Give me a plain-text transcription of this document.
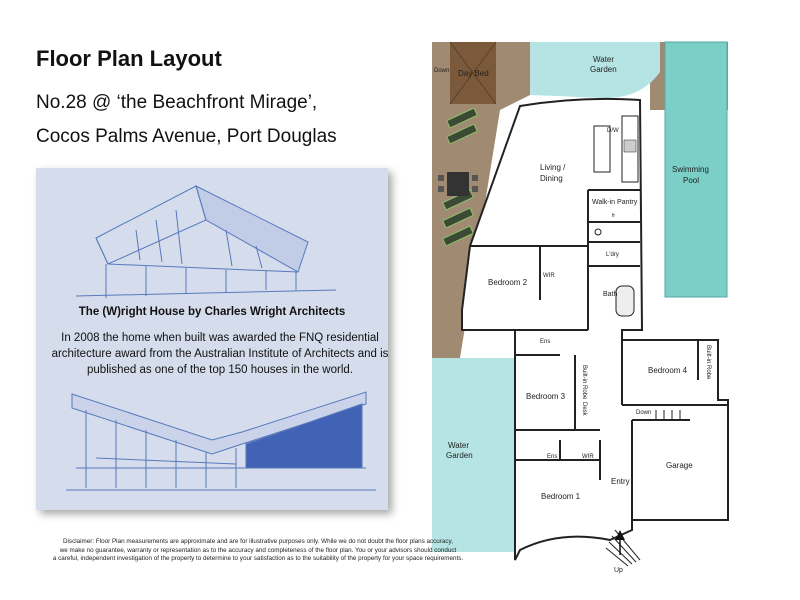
Floor Plan Layout
No.28 @ ‘the Beachfront Mirage’,
Cocos Palms Avenue, Port Douglas
The (W)right House by Charles Wright Architects
In 2008 the home when built was awarded the FNQ residential architecture award from the Australian Institute of Architects and is published as one of the top 150 houses in the world.
Down Day Bed
Water
Garden
D/W
Living /
Dining
Swimming
Pool
Walk-in Pantry
fr
Bedroom 2
WIR
L'dry
Bath
Ens
Built-in Robe
Desk
Bedroom 3
Bedroom 4	Built-in Robe
Down
Water
Garden	Ens	WIR
Garage
Entry
Bedroom 1
Up
Disclaimer: Floor Plan measurements are approximate and are for illustrative purposes only. While we do not doubt the floor plans accuracy,
we make no guarantee, warranty or representation as to the accuracy and completeness of the floor plan. You or your advisors should conduct
a careful, independent investigation of the property to determine to your satisfaction as to the suitability of the property for your space requirements.
